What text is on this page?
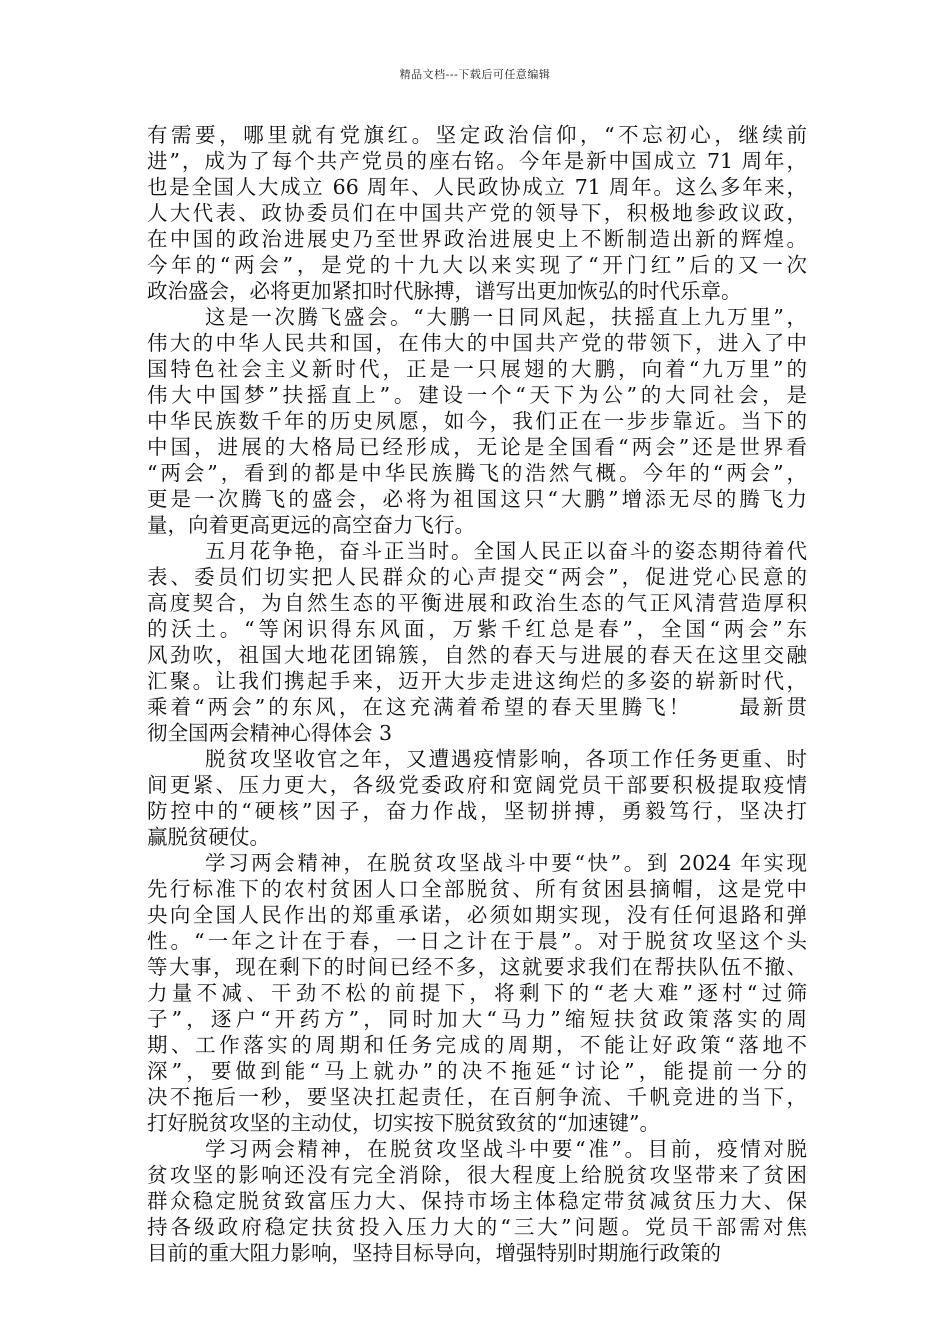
精品文档---下载后可任意编辑
有需要，哪里就有党旗红。坚定政治信仰，“不忘初心，继续前
进”，成为了每个共产党员的座右铭。今年是新中国成立 71 周年，
也是全国人大成立 66 周年、人民政协成立 71 周年。这么多年来，
人大代表、政协委员们在中国共产党的领导下，积极地参政议政，
在中国的政治进展史乃至世界政治进展史上不断制造出新的辉煌。
今年的“两会”，是党的十九大以来实现了“开门红”后的又一次
政治盛会，必将更加紧扣时代脉搏，谱写出更加恢弘的时代乐章。
这是一次腾飞盛会。“大鹏一日同风起，扶摇直上九万里”，
伟大的中华人民共和国，在伟大的中国共产党的带领下，进入了中
国特色社会主义新时代，正是一只展翅的大鹏，向着“九万里”的
伟大中国梦”扶摇直上”。建设一个“天下为公”的大同社会，是
中华民族数千年的历史夙愿，如今，我们正在一步步靠近。当下的
中国，进展的大格局已经形成，无论是全国看“两会”还是世界看
“两会”，看到的都是中华民族腾飞的浩然气概。今年的“两会”，
更是一次腾飞的盛会，必将为祖国这只“大鹏”增添无尽的腾飞力
量，向着更高更远的高空奋力飞行。
五月花争艳，奋斗正当时。全国人民正以奋斗的姿态期待着代
表、委员们切实把人民群众的心声提交“两会”，促进党心民意的
高度契合，为自然生态的平衡进展和政治生态的气正风清营造厚积
的沃土。“等闲识得东风面，万紫千红总是春”，全国“两会”东
风劲吹，祖国大地花团锦簇，自然的春天与进展的春天在这里交融
汇聚。让我们携起手来，迈开大步走进这绚烂的多姿的崭新时代，
乘着“两会”的东风，在这充满着希望的春天里腾飞！　　最新贯
彻全国两会精神心得体会 3
脱贫攻坚收官之年，又遭遇疫情影响，各项工作任务更重、时
间更紧、压力更大，各级党委政府和宽阔党员干部要积极提取疫情
防控中的“硬核”因子，奋力作战，坚韧拼搏，勇毅笃行，坚决打
赢脱贫硬仗。
学习两会精神，在脱贫攻坚战斗中要“快”。到 2024 年实现
先行标准下的农村贫困人口全部脱贫、所有贫困县摘帽，这是党中
央向全国人民作出的郑重承诺，必须如期实现，没有任何退路和弹
性。“一年之计在于春，一日之计在于晨”。对于脱贫攻坚这个头
等大事，现在剩下的时间已经不多，这就要求我们在帮扶队伍不撤、
力量不减、干劲不松的前提下，将剩下的“老大难”逐村“过筛
子”，逐户“开药方”，同时加大“马力”缩短扶贫政策落实的周
期、工作落实的周期和任务完成的周期，不能让好政策“落地不
深”，要做到能“马上就办”的决不拖延“讨论”，能提前一分的
决不拖后一秒，要坚决扛起责任，在百舸争流、千帆竞进的当下，
打好脱贫攻坚的主动仗，切实按下脱贫致贫的“加速键”。
学习两会精神，在脱贫攻坚战斗中要“准”。目前，疫情对脱
贫攻坚的影响还没有完全消除，很大程度上给脱贫攻坚带来了贫困
群众稳定脱贫致富压力大、保持市场主体稳定带贫减贫压力大、保
持各级政府稳定扶贫投入压力大的“三大”问题。党员干部需对焦
目前的重大阻力影响，坚持目标导向，增强特别时期施行政策的
